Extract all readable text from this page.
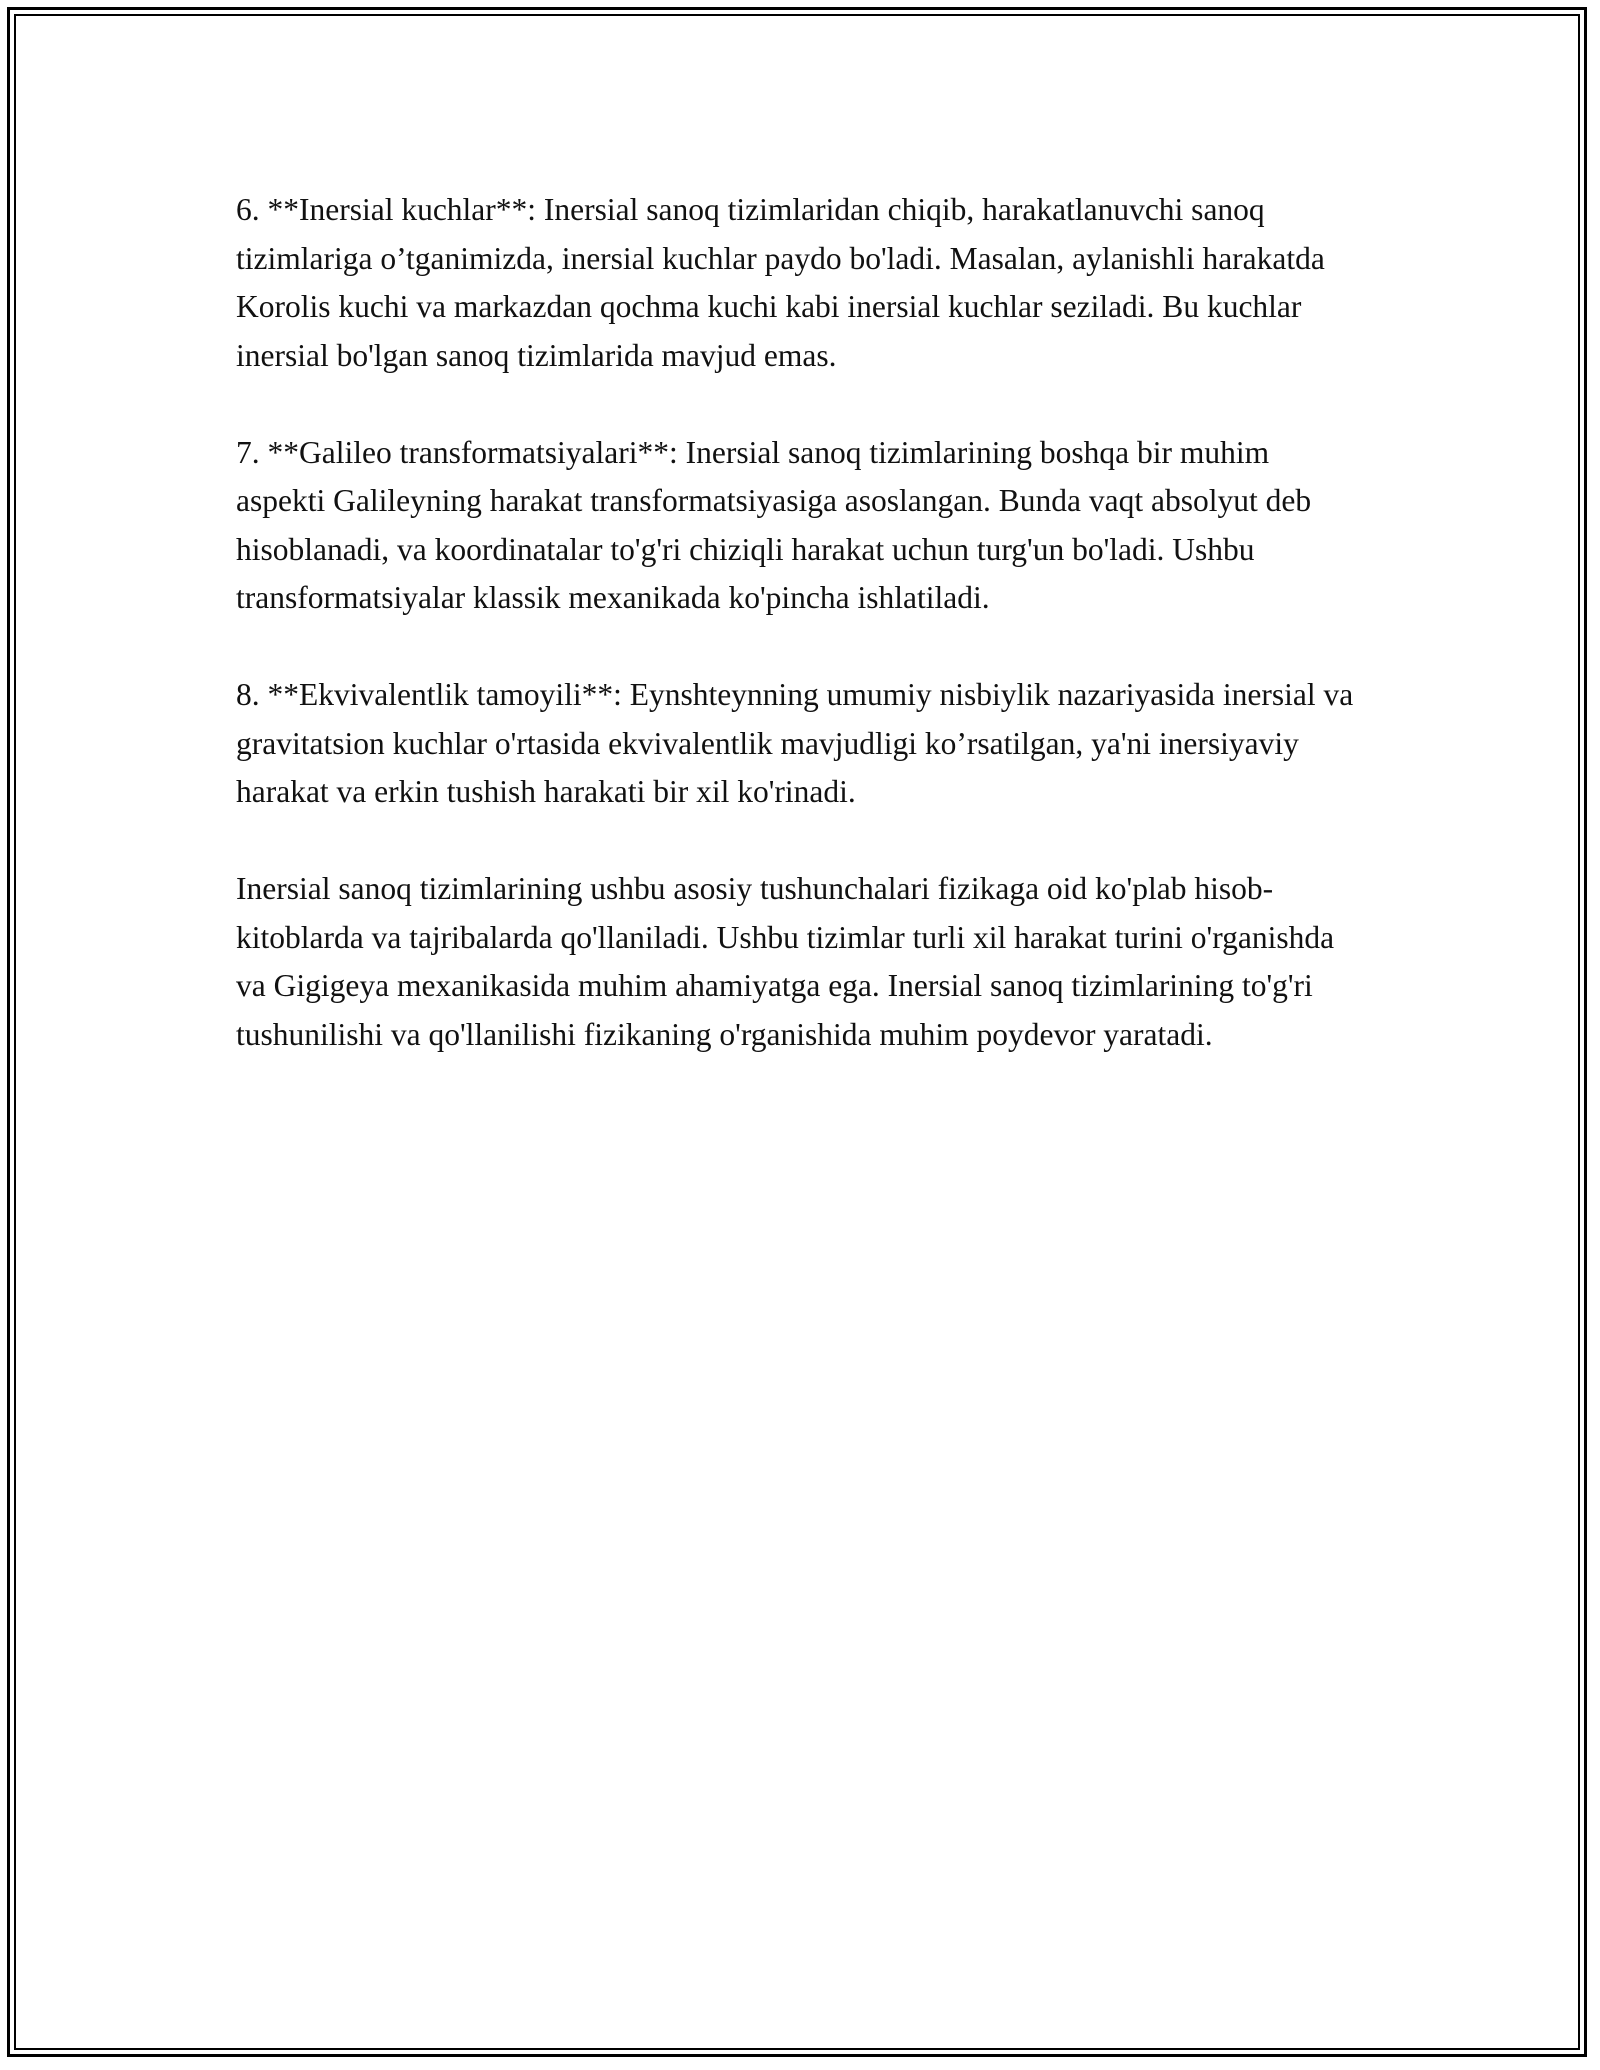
6. **Inersial kuchlar**: Inersial sanoq tizimlaridan chiqib, harakatlanuvchi sanoq tizimlariga o’tganimizda, inersial kuchlar paydo bo'ladi. Masalan, aylanishli harakatda Korolis kuchi va markazdan qochma kuchi kabi inersial kuchlar seziladi. Bu kuchlar inersial bo'lgan sanoq tizimlarida mavjud emas.

7. **Galileo transformatsiyalari**: Inersial sanoq tizimlarining boshqa bir muhim aspekti Galileyning harakat transformatsiyasiga asoslangan. Bunda vaqt absolyut deb hisoblanadi, va koordinatalar to'g'ri chiziqli harakat uchun turg'un bo'ladi. Ushbu transformatsiyalar klassik mexanikada ko'pincha ishlatiladi.

8. **Ekvivalentlik tamoyili**: Eynshteynning umumiy nisbiylik nazariyasida inersial va gravitatsion kuchlar o'rtasida ekvivalentlik mavjudligi ko’rsatilgan, ya'ni inersiyaviy harakat va erkin tushish harakati bir xil ko'rinadi.

Inersial sanoq tizimlarining ushbu asosiy tushunchalari fizikaga oid ko'plab hisob-kitoblarda va tajribalarda qo'llaniladi. Ushbu tizimlar turli xil harakat turini o'rganishda va Gigigeya mexanikasida muhim ahamiyatga ega. Inersial sanoq tizimlarining to'g'ri tushunilishi va qo'llanilishi fizikaning o'rganishida muhim poydevor yaratadi.
